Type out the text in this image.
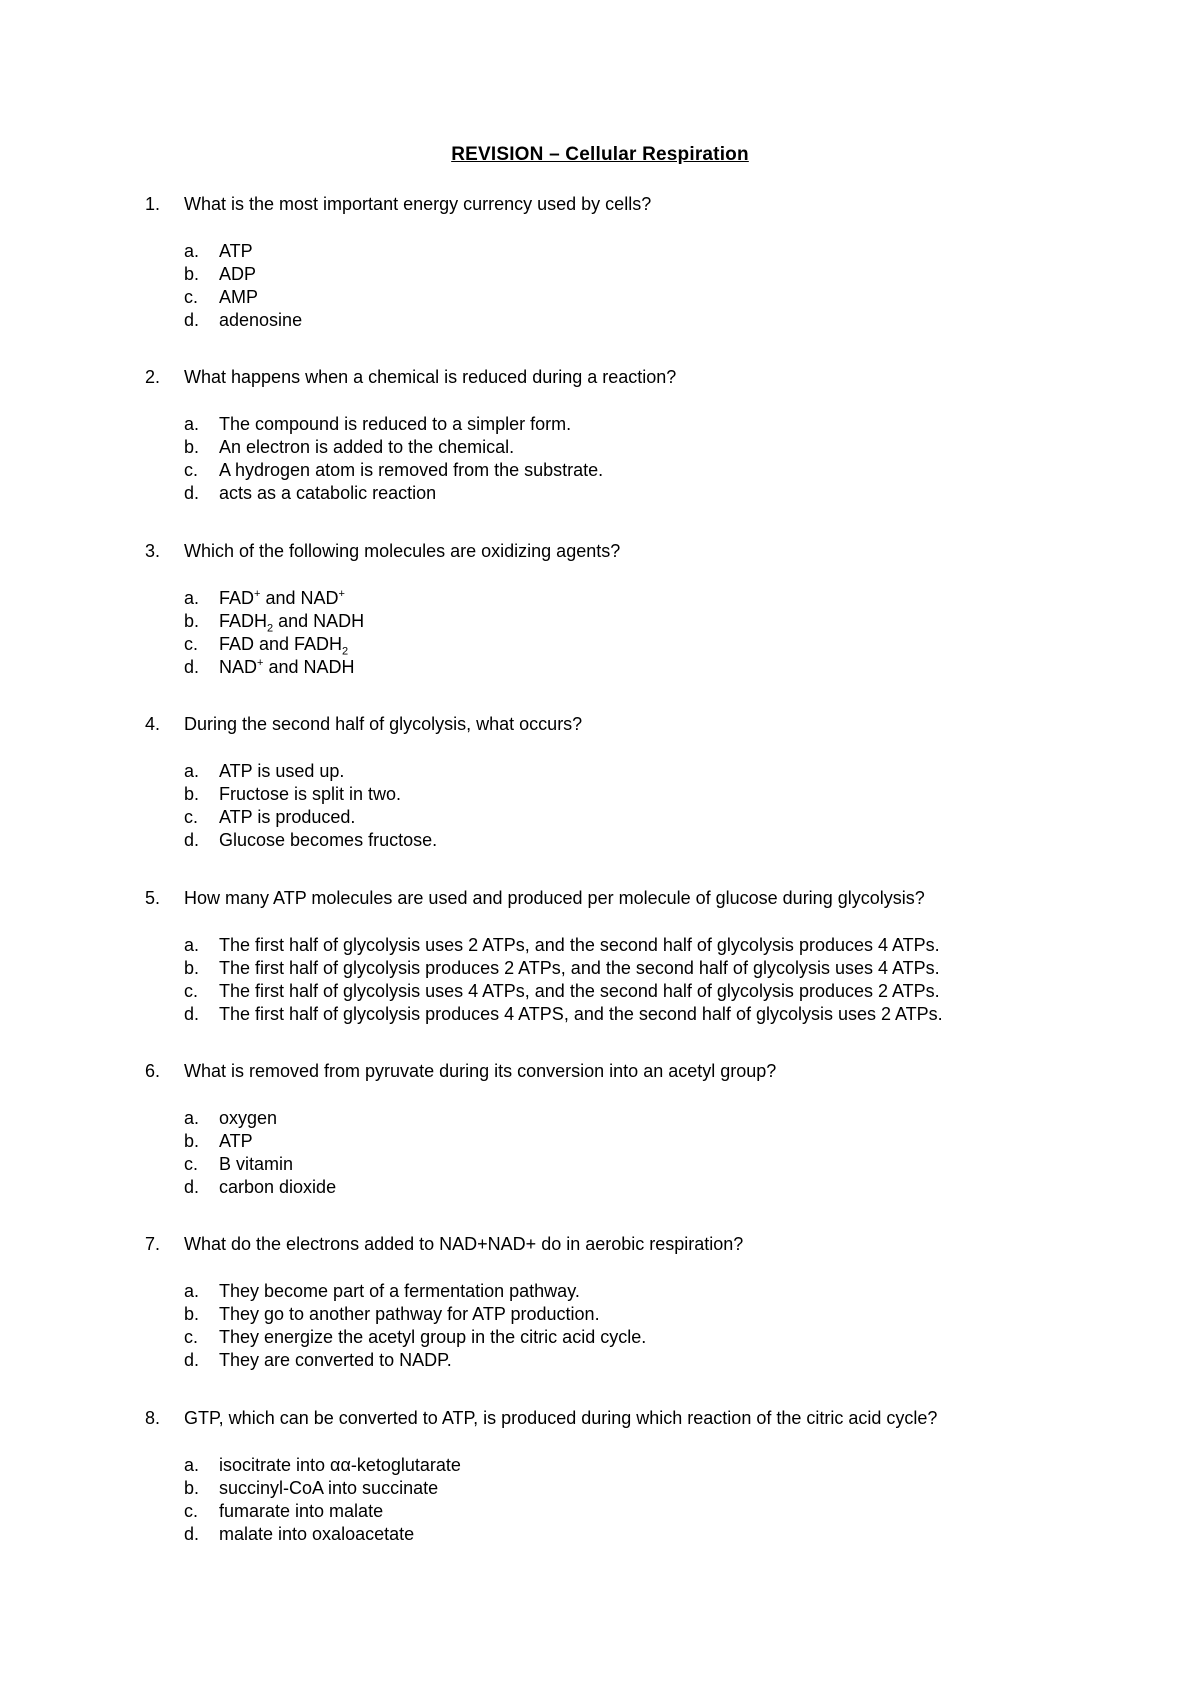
REVISION – Cellular Respiration
1. What is the most important energy currency used by cells?
a. ATP
b. ADP
c. AMP
d. adenosine
2. What happens when a chemical is reduced during a reaction?
a. The compound is reduced to a simpler form.
b. An electron is added to the chemical.
c. A hydrogen atom is removed from the substrate.
d. acts as a catabolic reaction
3. Which of the following molecules are oxidizing agents?
a. FAD+ and NAD+
b. $FADH_2$ and NADH
c. FAD and $FADH_2$
d. NAD+ and NADH
4. During the second half of glycolysis, what occurs?
a. ATP is used up.
b. Fructose is split in two.
c. ATP is produced.
d. Glucose becomes fructose.
5. How many ATP molecules are used and produced per molecule of glucose during glycolysis?
a. The first half of glycolysis uses 2 ATPs, and the second half of glycolysis produces 4 ATPs.
b. The first half of glycolysis produces 2 ATPs, and the second half of glycolysis uses 4 ATPs.
c. The first half of glycolysis uses 4 ATPs, and the second half of glycolysis produces 2 ATPs.
d. The first half of glycolysis produces 4 ATPS, and the second half of glycolysis uses 2 ATPs.
6. What is removed from pyruvate during its conversion into an acetyl group?
a. oxygen
b. ATP
c. B vitamin
d. carbon dioxide
7. What do the electrons added to NAD+NAD+ do in aerobic respiration?
a. They become part of a fermentation pathway.
b. They go to another pathway for ATP production.
c. They energize the acetyl group in the citric acid cycle.
d. They are converted to NADP.
8. GTP, which can be converted to ATP, is produced during which reaction of the citric acid cycle?
a. isocitrate into αα-ketoglutarate
b. succinyl-CoA into succinate
c. fumarate into malate
d. malate into oxaloacetate
